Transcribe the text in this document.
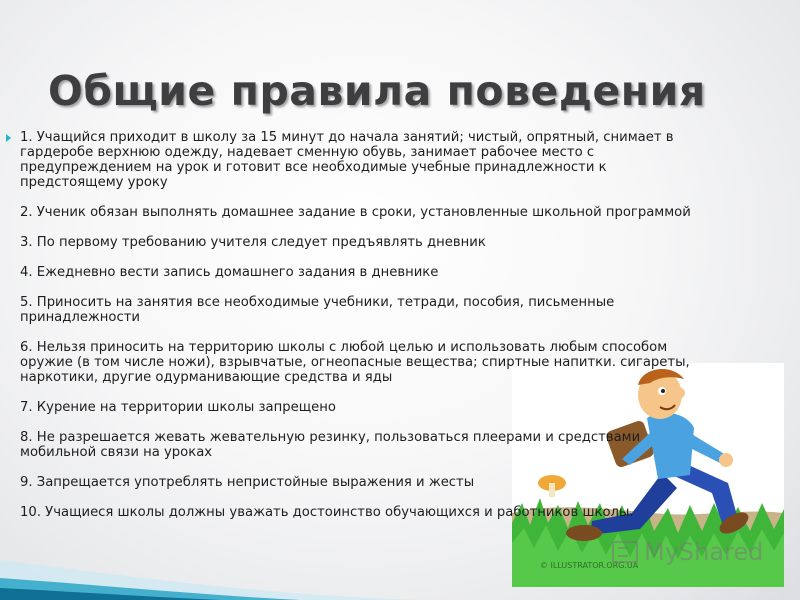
Общие правила поведения
1. Учащийся приходит в школу за 15 минут до начала занятий; чистый, опрятный, снимает в гардеробе верхнюю одежду, надевает сменную обувь, занимает рабочее место с предупреждением на урок и готовит все необходимые учебные принадлежности к предстоящему уроку
2. Ученик обязан выполнять домашнее задание в сроки, установленные школьной программой
3. По первому требованию учителя следует предъявлять дневник
4. Ежедневно вести запись домашнего задания в дневнике
5. Приносить на занятия все необходимые учебники, тетради, пособия, письменные принадлежности
6. Нельзя приносить на территорию школы с любой целью и использовать любым способом оружие (в том числе ножи), взрывчатые, огнеопасные вещества; спиртные напитки. сигареты, наркотики, другие одурманивающие средства и яды
7. Курение на территории школы запрещено
8. Не разрешается жевать жевательную резинку, пользоваться плеерами и средствами мобильной связи на уроках
9. Запрещается употреблять непристойные выражения и жесты
10. Учащиеся школы должны уважать достоинство обучающихся и работников школы.
© ILLUSTRATOR.ORG.UA MyShared
